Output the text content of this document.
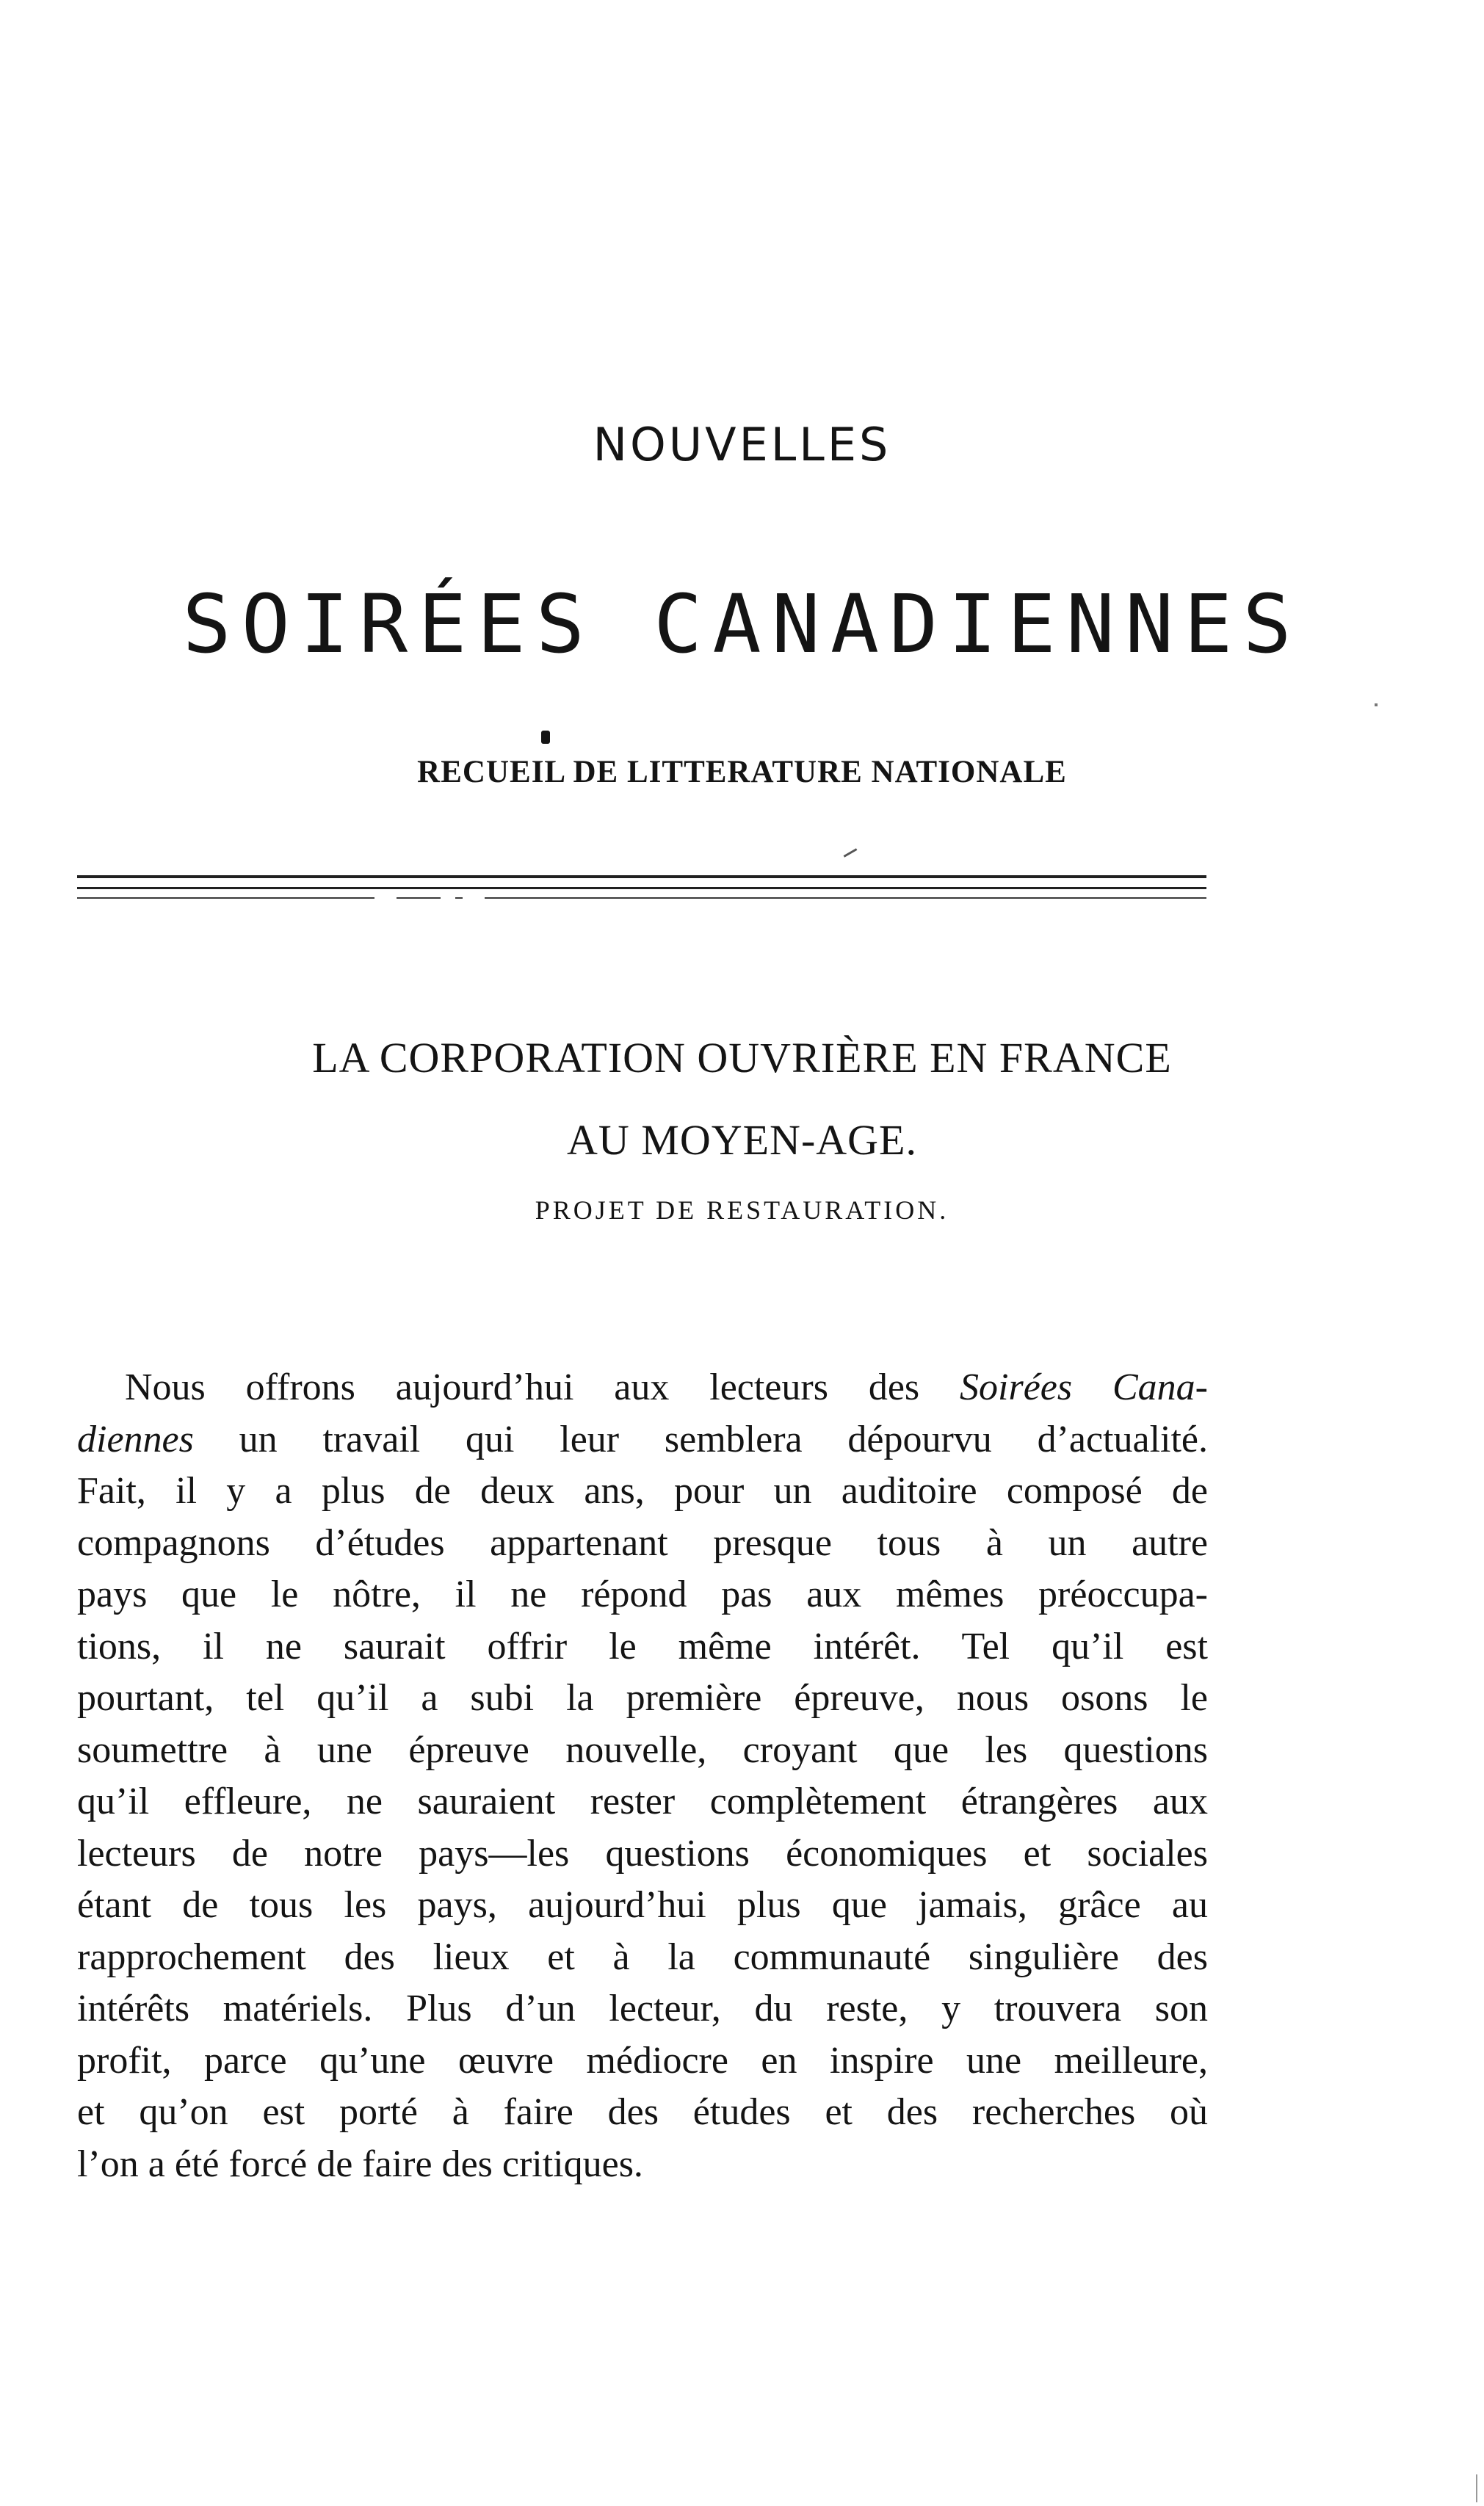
NOUVELLES
SOIRÉES CANADIENNES
RECUEIL DE LITTERATURE NATIONALE
LA CORPORATION OUVRIÈRE EN FRANCE
AU MOYEN-AGE.
PROJET DE RESTAURATION.
Nous offrons aujourd’hui aux lecteurs des Soirées Cana-
diennes un travail qui leur semblera dépourvu d’actualité.
Fait, il y a plus de deux ans, pour un auditoire composé de
compagnons d’études appartenant presque tous à un autre
pays que le nôtre, il ne répond pas aux mêmes préoccupa-
tions, il ne saurait offrir le même intérêt. Tel qu’il est
pourtant, tel qu’il a subi la première épreuve, nous osons le
soumettre à une épreuve nouvelle, croyant que les questions
qu’il effleure, ne sauraient rester complètement étrangères aux
lecteurs de notre pays—les questions économiques et sociales
étant de tous les pays, aujourd’hui plus que jamais, grâce au
rapprochement des lieux et à la communauté singulière des
intérêts matériels. Plus d’un lecteur, du reste, y trouvera son
profit, parce qu’une œuvre médiocre en inspire une meilleure,
et qu’on est porté à faire des études et des recherches où
l’on a été forcé de faire des critiques.
